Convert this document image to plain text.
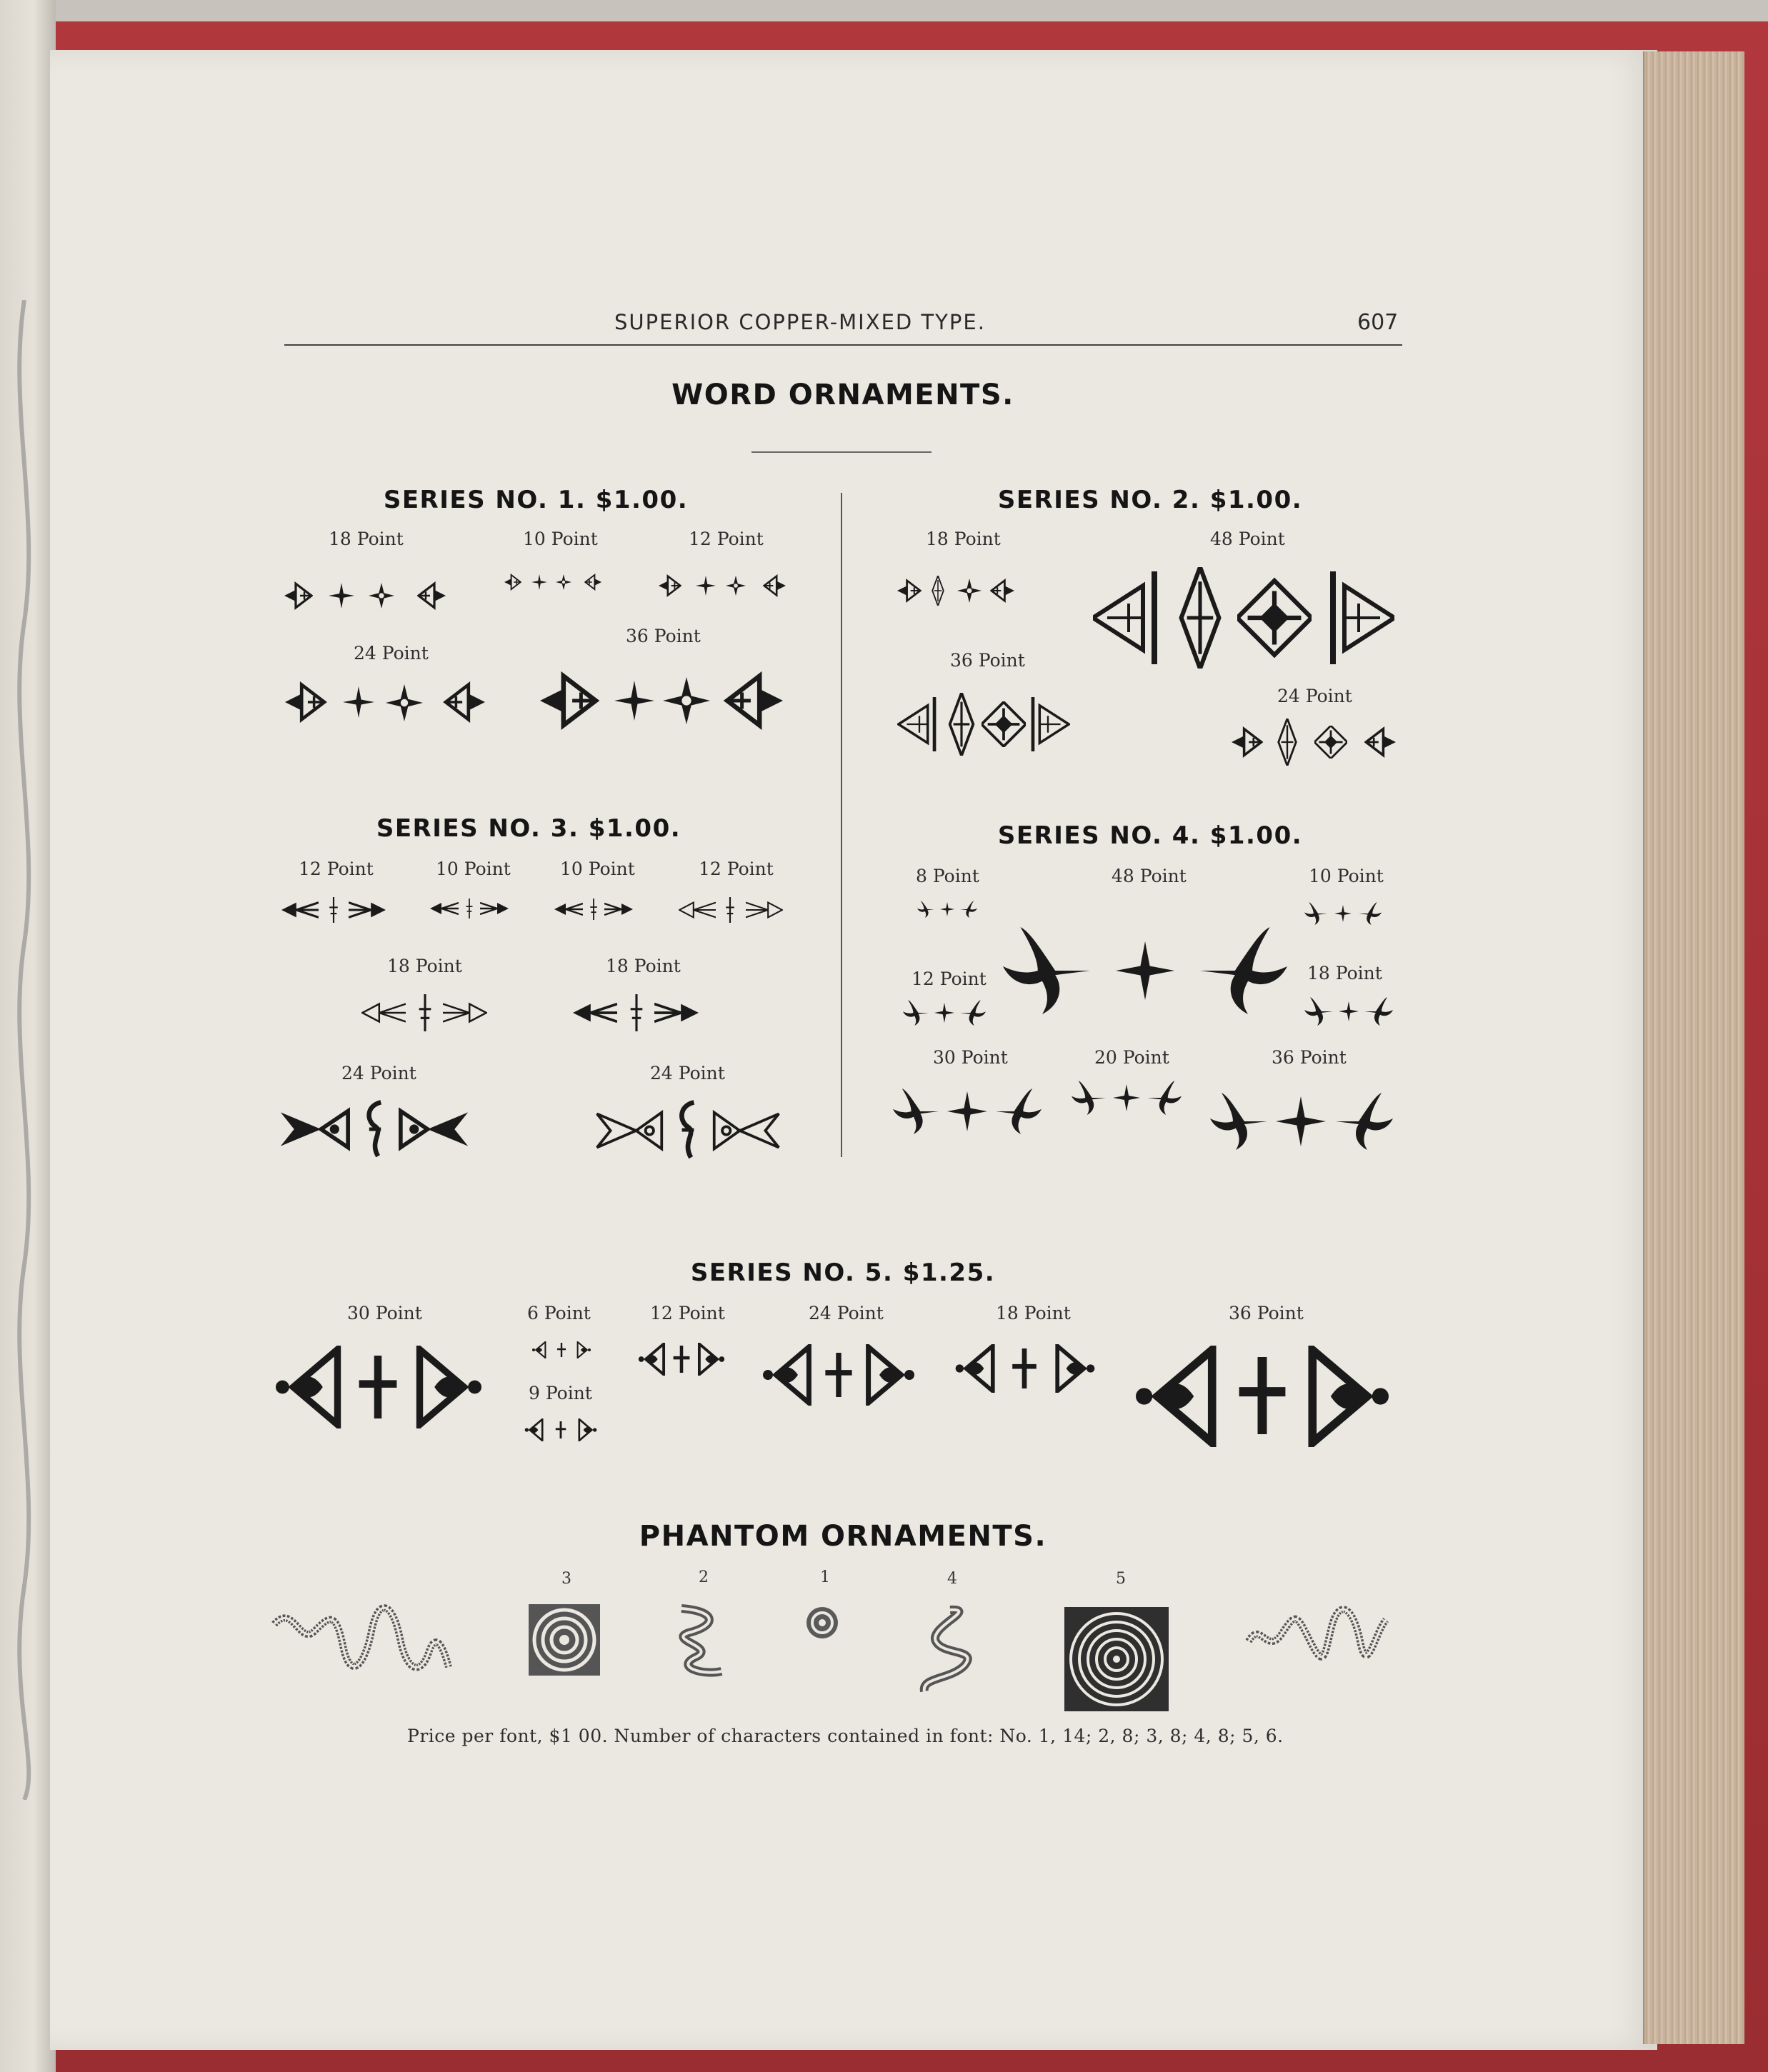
SUPERIOR COPPER-MIXED TYPE.	607
WORD ORNAMENTS.
SERIES NO. 1. $1.00.
18 Point	10 Point	12 Point
24 Point
36 Point
SERIES NO. 2. $1.00.
18 Point	48 Point
36 Point
24 Point
SERIES NO. 3. $1.00.
12 Point	10 Point	10 Point	12 Point
18 Point	18 Point
24 Point	24 Point
SERIES NO. 4. $1.00.
8 Point	48 Point	10 Point
12 Point	18 Point
30 Point	20 Point	36 Point
SERIES NO. 5. $1.25.
30 Point	6 Point	12 Point	24 Point	18 Point	36 Point
9 Point
PHANTOM ORNAMENTS.
3	2	1	4	5
Price per font, $1 00. Number of characters contained in font: No. 1, 14; 2, 8; 3, 8; 4, 8; 5, 6.
